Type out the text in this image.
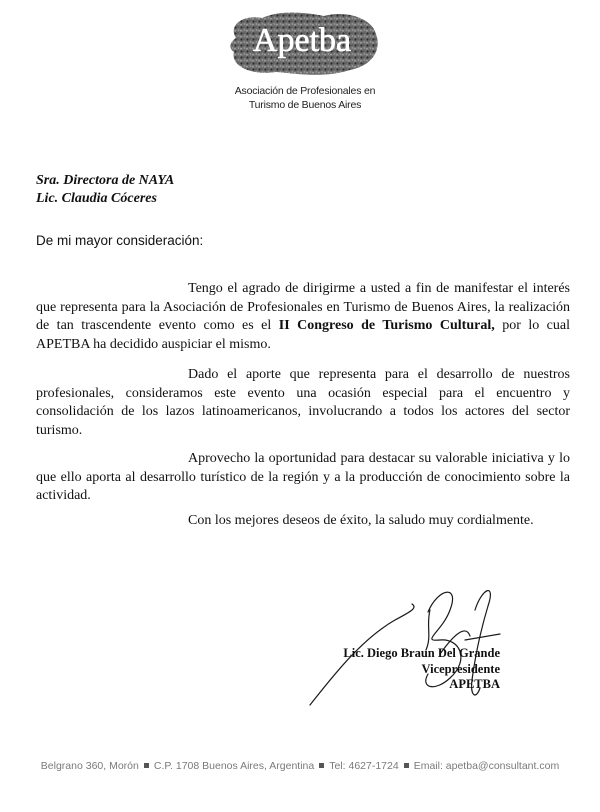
Apetba
Asociación de Profesionales en
Turismo de Buenos Aires
Sra. Directora de NAYA
Lic. Claudia Cóceres
De mi mayor consideración:

Tengo el agrado de dirigirme a usted a fin de manifestar el interés que representa para la Asociación de Profesionales en Turismo de Buenos Aires, la realización de tan trascendente evento como es el II Congreso de Turismo Cultural, por lo cual APETBA ha decidido auspiciar el mismo.

Dado el aporte que representa para el desarrollo de nuestros profesionales, consideramos este evento una ocasión especial para el encuentro y consolidación de los lazos latinoamericanos, involucrando a todos los actores del sector turismo.

Aprovecho la oportunidad para destacar su valorable iniciativa y lo que ello aporta al desarrollo turístico de la región y a la producción de conocimiento sobre la actividad.

Con los mejores deseos de éxito, la saludo muy cordialmente.

Lic. Diego Braun Del Grande
Vicepresidente
APETBA
Belgrano 360, Morón C.P. 1708 Buenos Aires, Argentina Tel: 4627-1724 Email: apetba@consultant.com
